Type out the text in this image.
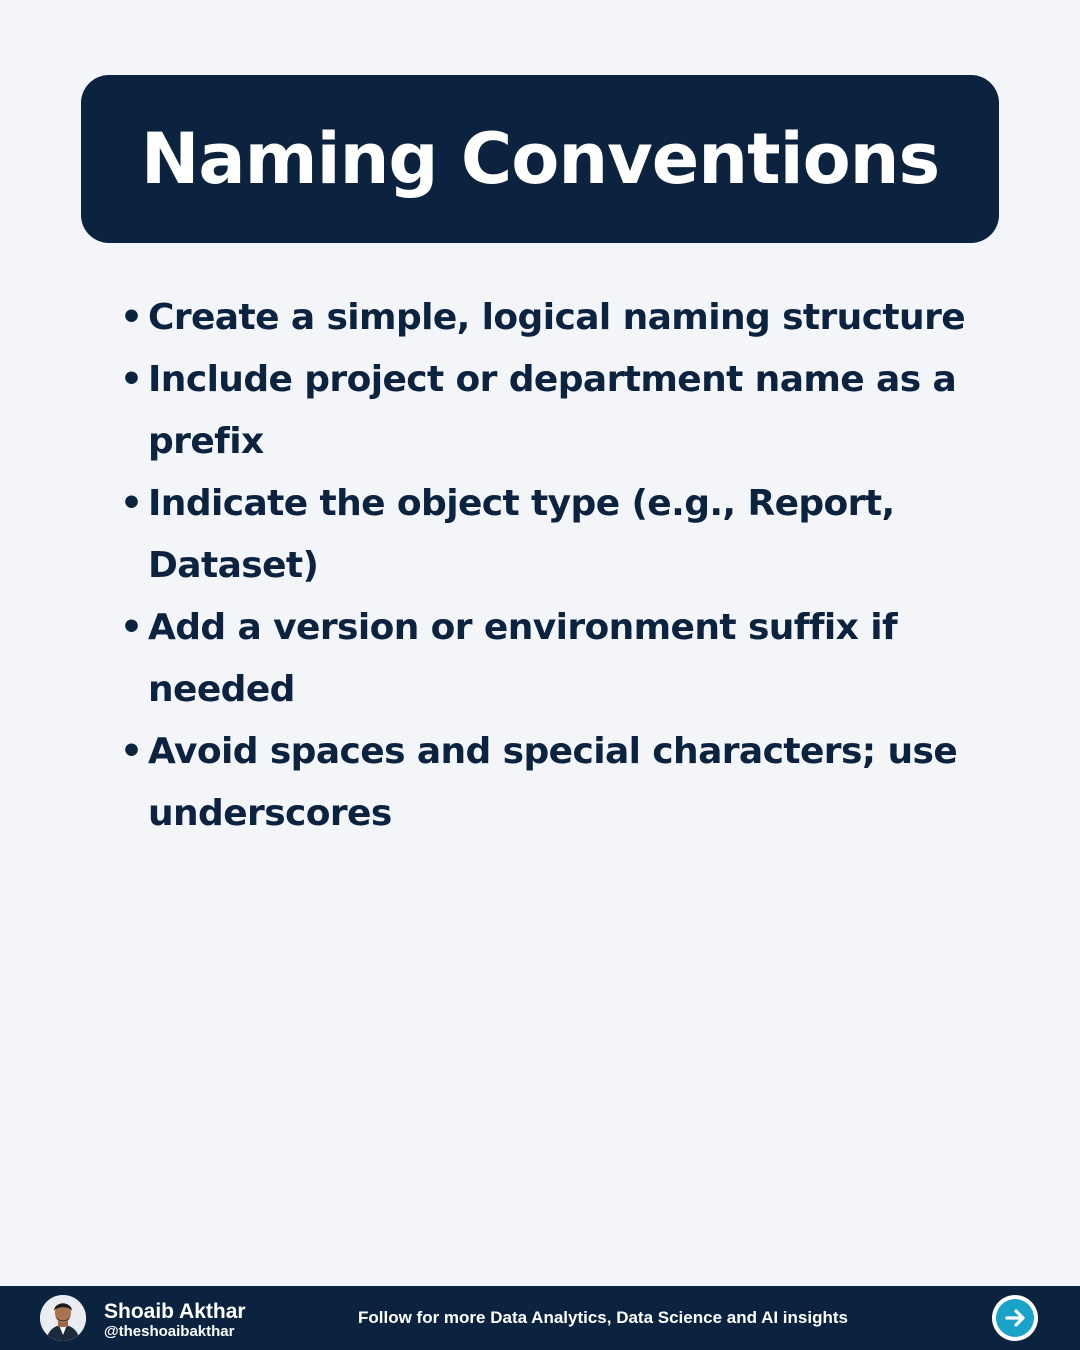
Naming Conventions
• Create a simple, logical naming structure
• Include project or department name as a prefix
• Indicate the object type (e.g., Report, Dataset)
• Add a version or environment suffix if needed
• Avoid spaces and special characters; use underscores
Shoaib Akthar
@theshoaibakthar
Follow for more Data Analytics, Data Science and AI insights
